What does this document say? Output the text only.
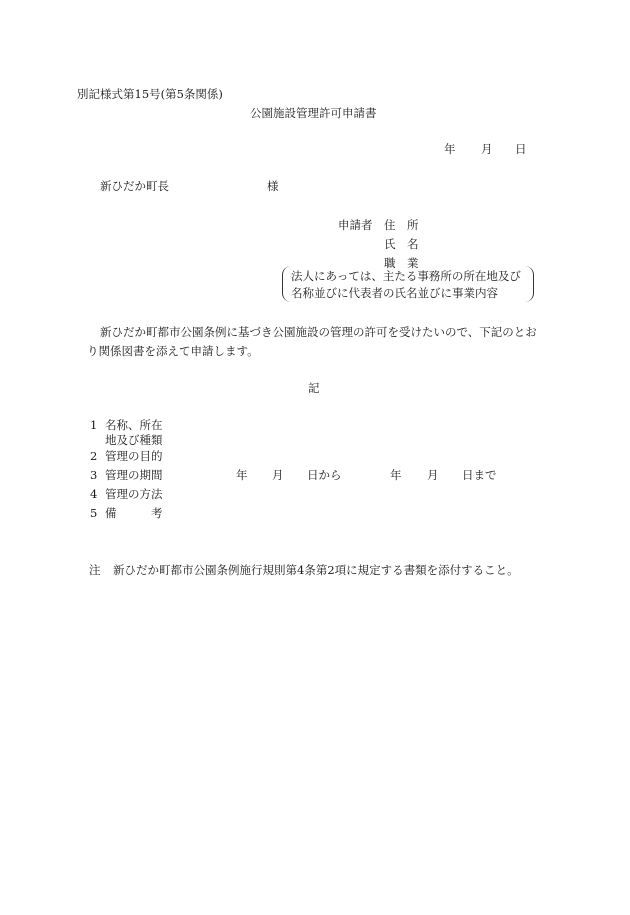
別記様式第15号(第5条関係)
公園施設管理許可申請書
年 月 日
新ひだか町長	様
申請者 住　所
氏　名
職　業
法人にあっては、主たる事務所の所在地及び
名称並びに代表者の氏名並びに事業内容
新ひだか町都市公園条例に基づき公園施設の管理の許可を受けたいので、下記のとお
り関係図書を添えて申請します。
記
1 名称、所在
地及び種類
2 管理の目的
3 管理の期間	年 月 日から	年 月 日まで
4 管理の方法
5 備　　　考
注 新ひだか町都市公園条例施行規則第4条第2項に規定する書類を添付すること。
